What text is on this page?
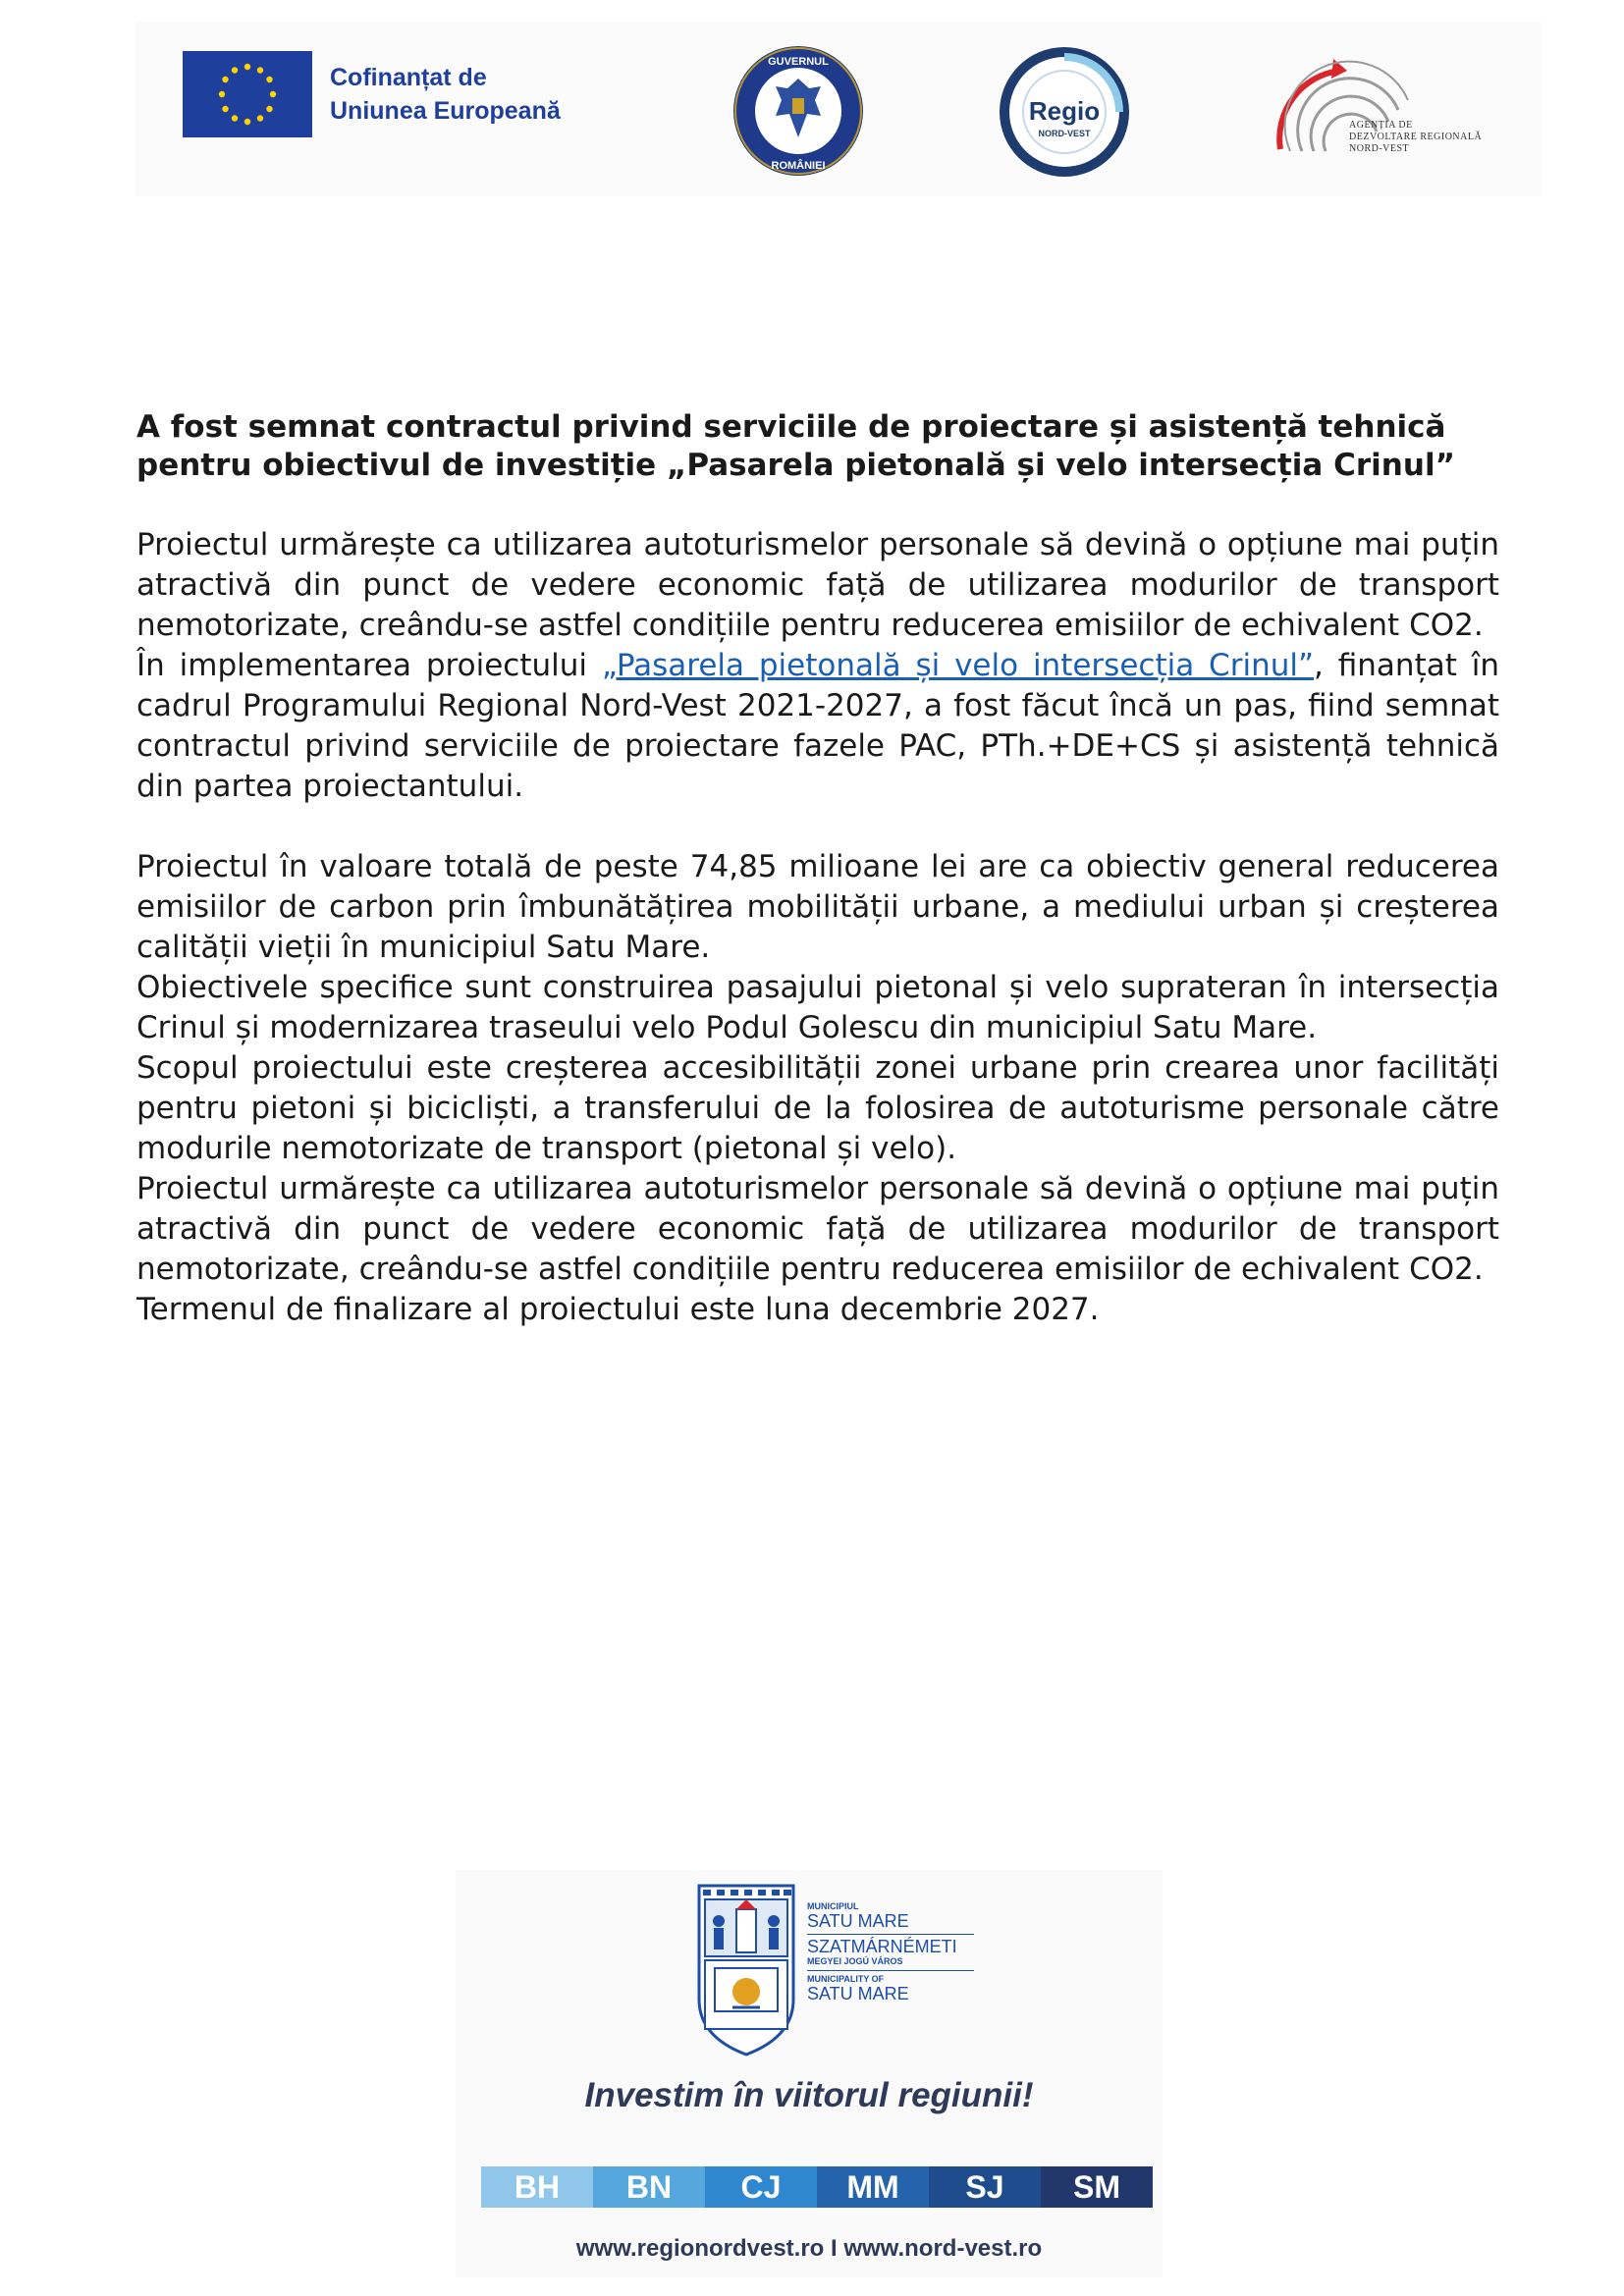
Cofinanțat de
Uniunea Europeană
GUVERNUL
ROMÂNIEI
Regio
NORD-VEST
AGENȚIA DE
DEZVOLTARE REGIONALĂ
NORD-VEST

A fost semnat contractul privind serviciile de proiectare și asistență tehnică pentru obiectivul de investiție „Pasarela pietonală și velo intersecția Crinul”

Proiectul urmărește ca utilizarea autoturismelor personale să devină o opțiune mai puțin atractivă din punct de vedere economic față de utilizarea modurilor de transport nemotorizate, creându-se astfel condițiile pentru reducerea emisiilor de echivalent CO2.

În implementarea proiectului „Pasarela pietonală și velo intersecția Crinul”, finanțat în cadrul Programului Regional Nord-Vest 2021-2027, a fost făcut încă un pas, fiind semnat contractul privind serviciile de proiectare fazele PAC, PTh.+DE+CS și asistență tehnică din partea proiectantului.

Proiectul în valoare totală de peste 74,85 milioane lei are ca obiectiv general reducerea emisiilor de carbon prin îmbunătățirea mobilității urbane, a mediului urban și creșterea calității vieții în municipiul Satu Mare.

Obiectivele specifice sunt construirea pasajului pietonal și velo suprateran în intersecția Crinul și modernizarea traseului velo Podul Golescu din municipiul Satu Mare.

Scopul proiectului este creșterea accesibilității zonei urbane prin crearea unor facilități pentru pietoni și bicicliști, a transferului de la folosirea de autoturisme personale către modurile nemotorizate de transport (pietonal și velo).

Proiectul urmărește ca utilizarea autoturismelor personale să devină o opțiune mai puțin atractivă din punct de vedere economic față de utilizarea modurilor de transport nemotorizate, creându-se astfel condițiile pentru reducerea emisiilor de echivalent CO2.

Termenul de finalizare al proiectului este luna decembrie 2027.

MUNICIPIUL
SATU MARE
SZATMÁRNÉMETI
MEGYEI JOGÚ VÁROS
MUNICIPALITY OF
SATU MARE
Investim în viitorul regiunii!
BH	BN	CJ	MM	SJ	SM
www.regionordvest.ro I www.nord-vest.ro
